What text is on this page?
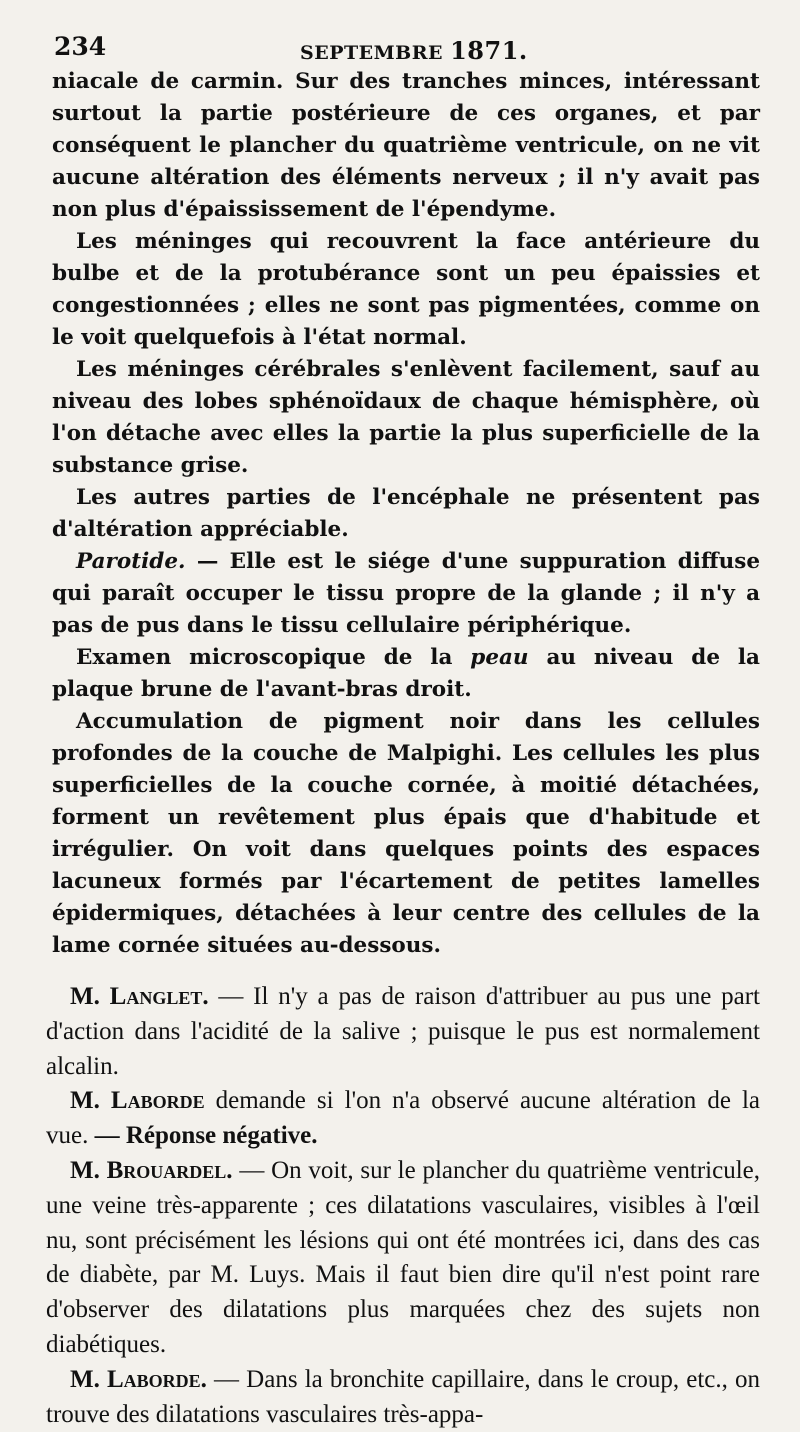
234	SEPTEMBRE 1871.

niacale de carmin. Sur des tranches minces, intéressant surtout la partie postérieure de ces organes, et par conséquent le plancher du quatrième ventricule, on ne vit aucune altération des éléments nerveux ; il n'y avait pas non plus d'épaississement de l'épendyme.

Les méninges qui recouvrent la face antérieure du bulbe et de la protubérance sont un peu épaissies et congestionnées ; elles ne sont pas pigmentées, comme on le voit quelquefois à l'état normal.

Les méninges cérébrales s'enlèvent facilement, sauf au niveau des lobes sphénoïdaux de chaque hémisphère, où l'on détache avec elles la partie la plus superficielle de la substance grise.

Les autres parties de l'encéphale ne présentent pas d'altération appréciable.

Parotide. — Elle est le siége d'une suppuration diffuse qui paraît occuper le tissu propre de la glande ; il n'y a pas de pus dans le tissu cellulaire périphérique.

Examen microscopique de la peau au niveau de la plaque brune de l'avant-bras droit.

Accumulation de pigment noir dans les cellules profondes de la couche de Malpighi. Les cellules les plus superficielles de la couche cornée, à moitié détachées, forment un revêtement plus épais que d'habitude et irrégulier. On voit dans quelques points des espaces lacuneux formés par l'écartement de petites lamelles épidermiques, détachées à leur centre des cellules de la lame cornée situées au-dessous.

M. Langlet. — Il n'y a pas de raison d'attribuer au pus une part d'action dans l'acidité de la salive ; puisque le pus est normalement alcalin.

M. Laborde demande si l'on n'a observé aucune altération de la vue. — Réponse négative.

M. Brouardel. — On voit, sur le plancher du quatrième ventricule, une veine très-apparente ; ces dilatations vasculaires, visibles à l'œil nu, sont précisément les lésions qui ont été montrées ici, dans des cas de diabète, par M. Luys. Mais il faut bien dire qu'il n'est point rare d'observer des dilatations plus marquées chez des sujets non diabétiques.

M. Laborde. — Dans la bronchite capillaire, dans le croup, etc., on trouve des dilatations vasculaires très-appa-
